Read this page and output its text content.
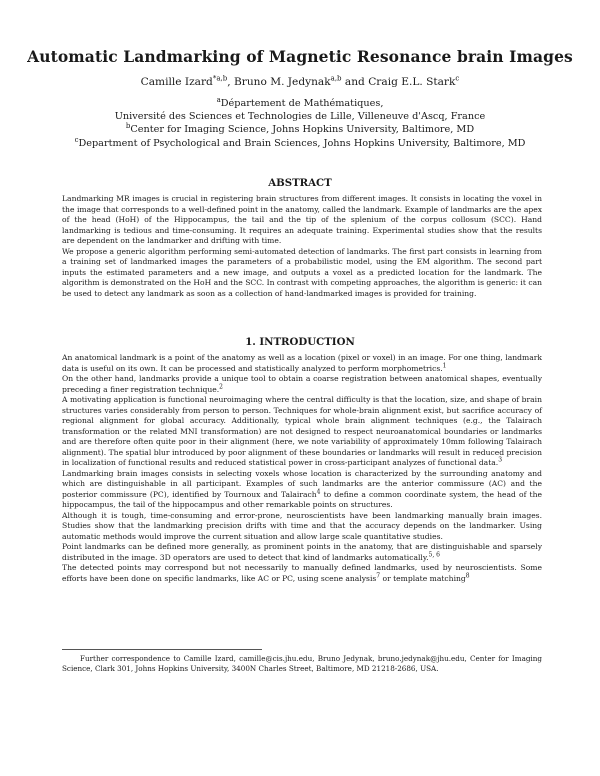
Automatic Landmarking of Magnetic Resonance brain Images
Camille Izard$^{*a,b}$, Bruno M. Jedynak$^{a,b}$ and Craig E.L. Stark$^c$
$^a$Département de Mathématiques,
Université des Sciences et Technologies de Lille, Villeneuve d'Ascq, France
$^b$Center for Imaging Science, Johns Hopkins University, Baltimore, MD
$^c$Department of Psychological and Brain Sciences, Johns Hopkins University, Baltimore, MD
ABSTRACT

Landmarking MR images is crucial in registering brain structures from different images. It consists in locating the voxel in the image that corresponds to a well-defined point in the anatomy, called the landmark. Example of landmarks are the apex of the head (HoH) of the Hippocampus, the tail and the tip of the splenium of the corpus collosum (SCC). Hand landmarking is tedious and time-consuming. It requires an adequate training. Experimental studies show that the results are dependent on the landmarker and drifting with time.

We propose a generic algorithm performing semi-automated detection of landmarks. The first part consists in learning from a training set of landmarked images the parameters of a probabilistic model, using the EM algorithm. The second part inputs the estimated parameters and a new image, and outputs a voxel as a predicted location for the landmark. The algorithm is demonstrated on the HoH and the SCC. In contrast with competing approaches, the algorithm is generic: it can be used to detect any landmark as soon as a collection of hand-landmarked images is provided for training.

1. INTRODUCTION

An anatomical landmark is a point of the anatomy as well as a location (pixel or voxel) in an image. For one thing, landmark data is useful on its own. It can be processed and statistically analyzed to perform morphometrics.$^1$

On the other hand, landmarks provide a unique tool to obtain a coarse registration between anatomical shapes, eventually preceding a finer registration technique.$^2$

A motivating application is functional neuroimaging where the central difficulty is that the location, size, and shape of brain structures varies considerably from person to person. Techniques for whole-brain alignment exist, but sacrifice accuracy of regional alignment for global accuracy. Additionally, typical whole brain alignment techniques (e.g., the Talairach transformation or the related MNI transformation) are not designed to respect neuroanatomical boundaries or landmarks and are therefore often quite poor in their alignment (here, we note variability of approximately 10mm following Talairach alignment). The spatial blur introduced by poor alignment of these boundaries or landmarks will result in reduced precision in localization of functional results and reduced statistical power in cross-participant analyzes of functional data.$^3$

Landmarking brain images consists in selecting voxels whose location is characterized by the surrounding anatomy and which are distinguishable in all participant. Examples of such landmarks are the anterior commissure (AC) and the posterior commissure (PC), identified by Tournoux and Talairach$^4$ to define a common coordinate system, the head of the hippocampus, the tail of the hippocampus and other remarkable points on structures.

Although it is tough, time-consuming and error-prone, neuroscientists have been landmarking manually brain images. Studies show that the landmarking precision drifts with time and that the accuracy depends on the landmarker. Using automatic methods would improve the current situation and allow large scale quantitative studies.

Point landmarks can be defined more generally, as prominent points in the anatomy, that are distinguishable and sparsely distributed in the image. 3D operators are used to detect that kind of landmarks automatically.$^{5, 6}$

The detected points may correspond but not necessarily to manually defined landmarks, used by neuroscientists. Some efforts have been done on specific landmarks, like AC or PC, using scene analysis$^7$ or template matching$^8$

Further correspondence to Camille Izard, camille@cis.jhu.edu, Bruno Jedynak, bruno.jedynak@jhu.edu, Center for Imaging Science, Clark 301, Johns Hopkins University, 3400N Charles Street, Baltimore, MD 21218-2686, USA.
